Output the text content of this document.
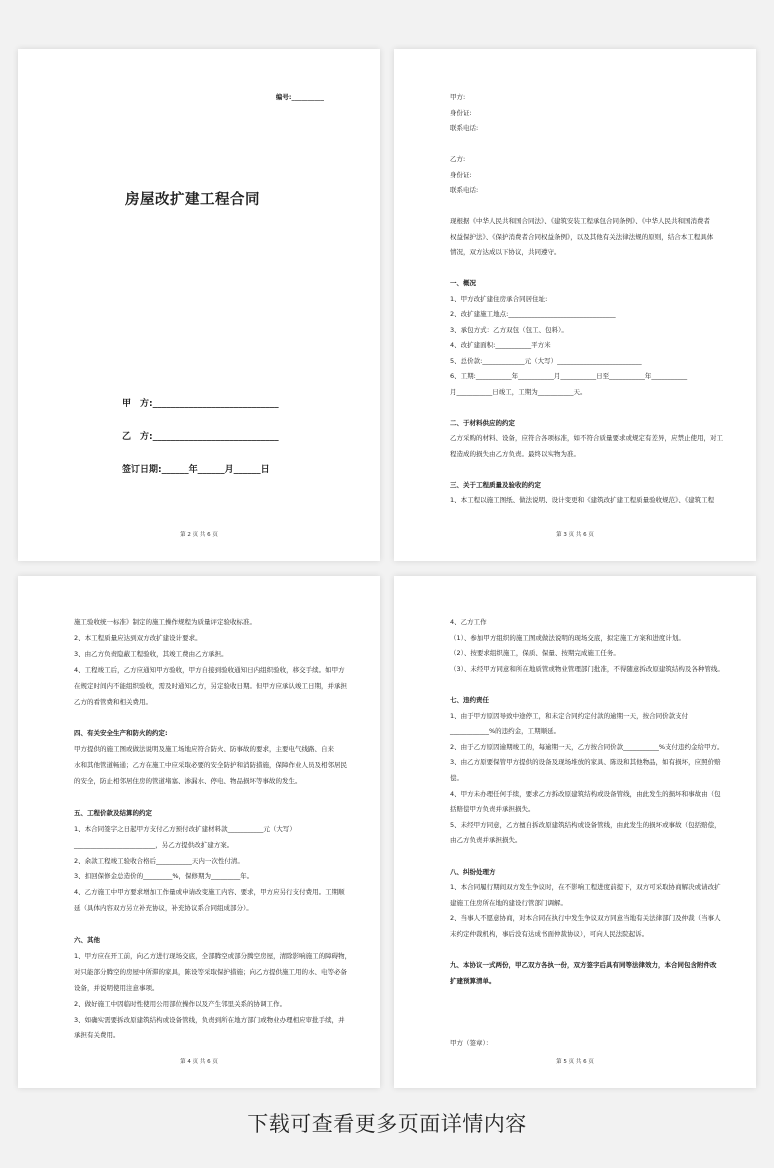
编号:__________
房屋改扩建工程合同
甲　方:____________________________
乙　方:____________________________
签订日期:______年______月______日
第 2 页 共 6 页
甲方:
身份证:
联系电话:
乙方:
身份证:
联系电话:
现根据《中华人民共和国合同法》、《建筑安装工程承包合同条例》、《中华人民共和国消费者
权益保护法》、《保护消费者合同权益条例》，以及其他有关法律法规的原则，结合本工程具体
情况，双方达成以下协议，共同遵守。
一、概况
1、甲方改扩建住房承合同居住址:
2、改扩建施工地点:_________________________________
3、承包方式：乙方双包（包工、包料）。
4、改扩建面积:___________平方米
5、总价款:_____________元（大写）__________________________
6、工期:___________年___________月___________日至___________年___________
月___________日竣工，工期为___________天。
二、于材料供应的约定
乙方采购的材料、设备，应符合各项标准，如不符合质量要求或规定有差异，应禁止使用，对工
程造成的损失由乙方负责。最终以实物为准。
三、关于工程质量及验收的约定
1、本工程以施工图纸、做法说明、设计变更和《建筑改扩建工程质量验收规范》、《建筑工程
第 3 页 共 6 页
施工验收统一标准》制定的施工操作规程为质量评定验收标准。
2、本工程质量应达到双方改扩建设计要求。
3、由乙方负责隐蔽工程验收，其竣工费由乙方承担。
4、工程竣工后，乙方应通知甲方验收，甲方自接到验收通知日内组织验收，移交手续。如甲方
在规定时间内不能组织验收，需及时通知乙方，另定验收日期。但甲方应承认竣工日期，并承担
乙方的看管费和相关费用。
四、有关安全生产和防火的约定:
甲方提供的施工图或做法说明及施工场地应符合防火、防事故的要求，主要电气线路、自来
水和其他管道畅通；乙方在施工中应采取必要的安全防护和消防措施，保障作业人员及相邻居民
的安全，防止相邻居住房的管道堵塞、渗漏水、停电、物品损坏等事故的发生。
五、工程价款及结算的约定
1、本合同签字之日起甲方支付乙方预付改扩建材料款___________元（大写）
_________________________，另乙方提供改扩建方案。
2、余款工程竣工验收合格后___________天内一次性付清。
3、扣回保修金总造价的_________%，保修期为_________年。
4、乙方施工中甲方要求增加工作量或申请改变施工内容、要求，甲方应另行支付费用。工期顺
延（具体内容双方另立补充协议，补充协议系合同组成部分）。
六、其他
1、甲方应在开工前，向乙方进行现场交底，全部腾空或部分腾空房屋，清除影响施工的障碍物，
对只能部分腾空的房屋中所滞的家具，陈设等采取保护措施；向乙方提供施工用的水、电等必备
设备，并说明使用注意事项。
2、做好施工中因临时性使用公用部位操作以及产生邻里关系的协调工作。
3、如确实需要拆改原建筑结构或设备管线，负责到所在地方部门或物业办理相应审批手续，并
承担有关费用。
第 4 页 共 6 页
4、乙方工作
（1）、参加甲方组织的施工图或做法说明的现场交底，拟定施工方案和进度计划。
（2）、按要求组织施工，保质、保量、按期完成施工任务。
（3）、未经甲方同意和所在地质管或物业管理部门批准，不得随意拆改原建筑结构及各种管线。
七、违约责任
1、由于甲方原因导致中途停工，和未定合同约定付款的逾期一天，按合同价款支付
____________%的违约金，工期顺延。
2、由于乙方原因逾期竣工的，每逾期一天，乙方按合同价款___________%支付违约金给甲方。
3、由乙方原要保管甲方提供的设备及现场堆放的家具、陈设和其他物品，如有损坏，应照价赔
偿。
4、甲方未办理任何手续，要求乙方拆改原建筑结构或设备管线，由此发生的损坏和事故由（包
括赔偿甲方负责并承担损失。
5、未经甲方同意，乙方擅自拆改原建筑结构或设备管线，由此发生的损坏或事故（包括赔偿，
由乙方负责并承担损失。
八、纠纷处理方
1、本合同履行期间双方发生争议时，在不影响工程进度前提下，双方可采取协商解决或请改扩
建施工住房所在地的建设行管部门调解。
2、当事人不愿意协商，对本合同在执行中发生争议双方同意当地有关法律部门及仲裁（当事人
末约定仲裁机构，事后没有达成书面仲裁协议），可向人民法院起诉。
九、本协议一式两份，甲乙双方各执一份，双方签字后具有同等法律效力，本合同包含附件改
扩建预算清单。
甲方（签章）：
第 5 页 共 6 页
下载可查看更多页面详情内容
